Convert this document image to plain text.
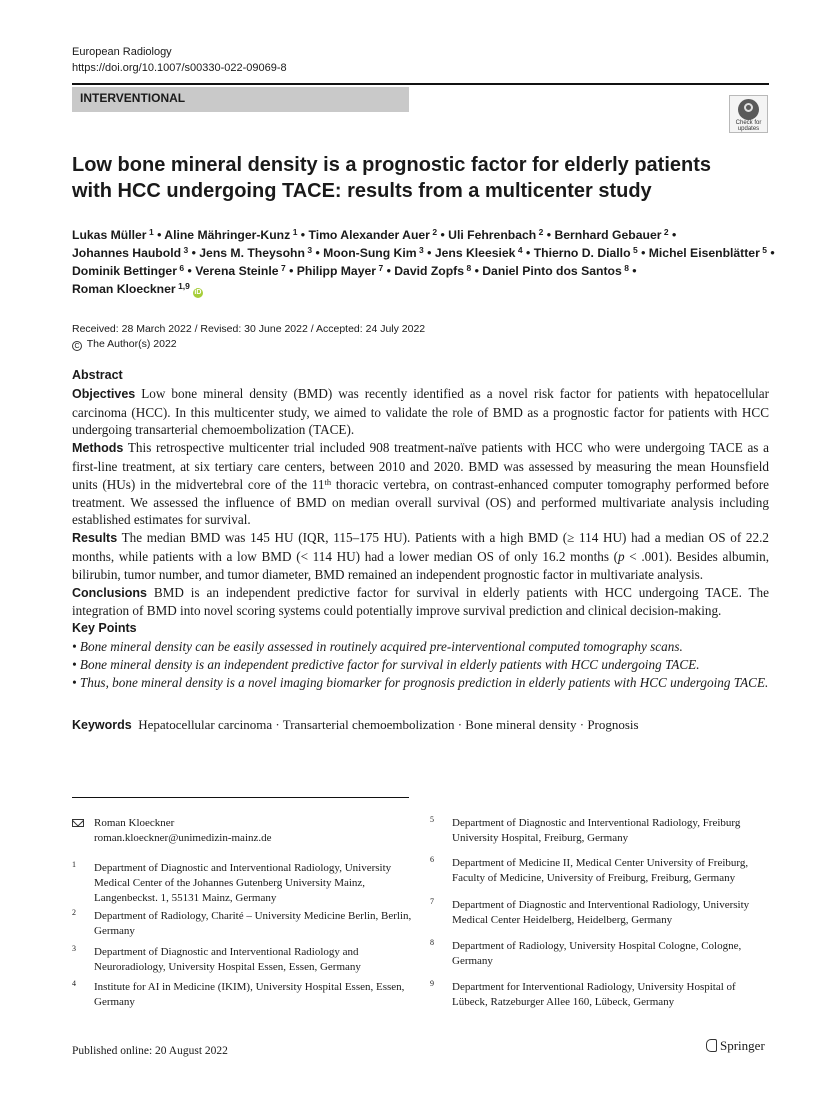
European Radiology
https://doi.org/10.1007/s00330-022-09069-8
INTERVENTIONAL
Check for
updates
Low bone mineral density is a prognostic factor for elderly patients
with HCC undergoing TACE: results from a multicenter study
Lukas Müller  $^1$ • Aline Mähringer-Kunz  $^1$ • Timo Alexander Auer  $^2$ • Uli Fehrenbach  $^2$ • Bernhard Gebauer  $^2$ •
Johannes Haubold  $^3$ • Jens M. Theysohn  $^3$ • Moon-Sung Kim  $^3$ • Jens Kleesiek  $^4$ • Thierno D. Diallo  $^5$ • Michel Eisenblätter  $^5$ •
Dominik Bettinger  $^6$ • Verena Steinle  $^7$ • Philipp Mayer  $^7$ • David Zopfs  $^8$ • Daniel Pinto dos Santos  $^8$ •
Roman Kloeckner  $^{1,9}$iD
Received: 28 March 2022 / Revised: 30 June 2022 / Accepted: 24 July 2022
C The Author(s) 2022
Abstract

Objectives Low bone mineral density (BMD) was recently identified as a novel risk factor for patients with hepatocellular carcinoma (HCC). In this multicenter study, we aimed to validate the role of BMD as a prognostic factor for patients with HCC undergoing transarterial chemoembolization (TACE).

Methods This retrospective multicenter trial included 908 treatment-naïve patients with HCC who were undergoing TACE as a first-line treatment, at six tertiary care centers, between 2010 and 2020. BMD was assessed by measuring the mean Hounsfield units (HUs) in the midvertebral core of the 11th thoracic vertebra, on contrast-enhanced computer tomography performed before treatment. We assessed the influence of BMD on median overall survival (OS) and performed multivariate analysis including established estimates for survival.

Results The median BMD was 145 HU (IQR, 115–175 HU). Patients with a high BMD (≥ 114 HU) had a median OS of 22.2 months, while patients with a low BMD (< 114 HU) had a lower median OS of only 16.2 months (p < .001). Besides albumin, bilirubin, tumor number, and tumor diameter, BMD remained an independent prognostic factor in multivariate analysis.

Conclusions BMD is an independent predictive factor for survival in elderly patients with HCC undergoing TACE. The integration of BMD into novel scoring systems could potentially improve survival prediction and clinical decision-making.

Key Points

• Bone mineral density can be easily assessed in routinely acquired pre-interventional computed tomography scans.

• Bone mineral density is an independent predictive factor for survival in elderly patients with HCC undergoing TACE.

• Thus, bone mineral density is a novel imaging biomarker for prognosis prediction in elderly patients with HCC undergoing TACE.

Keywords Hepatocellular carcinoma · Transarterial chemoembolization · Bone mineral density · Prognosis
Roman Kloeckner
roman.kloeckner@unimedizin-mainz.de
1 Department of Diagnostic and Interventional Radiology, University Medical Center of the Johannes Gutenberg University Mainz, Langenbeckst. 1, 55131 Mainz, Germany
2 Department of Radiology, Charité – University Medicine Berlin, Berlin, Germany
3 Department of Diagnostic and Interventional Radiology and Neuroradiology, University Hospital Essen, Essen, Germany
4 Institute for AI in Medicine (IKIM), University Hospital Essen, Essen, Germany
5 Department of Diagnostic and Interventional Radiology, Freiburg University Hospital, Freiburg, Germany
6 Department of Medicine II, Medical Center University of Freiburg, Faculty of Medicine, University of Freiburg, Freiburg, Germany
7 Department of Diagnostic and Interventional Radiology, University Medical Center Heidelberg, Heidelberg, Germany
8 Department of Radiology, University Hospital Cologne, Cologne, Germany
9 Department for Interventional Radiology, University Hospital of Lübeck, Ratzeburger Allee 160, Lübeck, Germany
Published online: 20 August 2022	Springer
